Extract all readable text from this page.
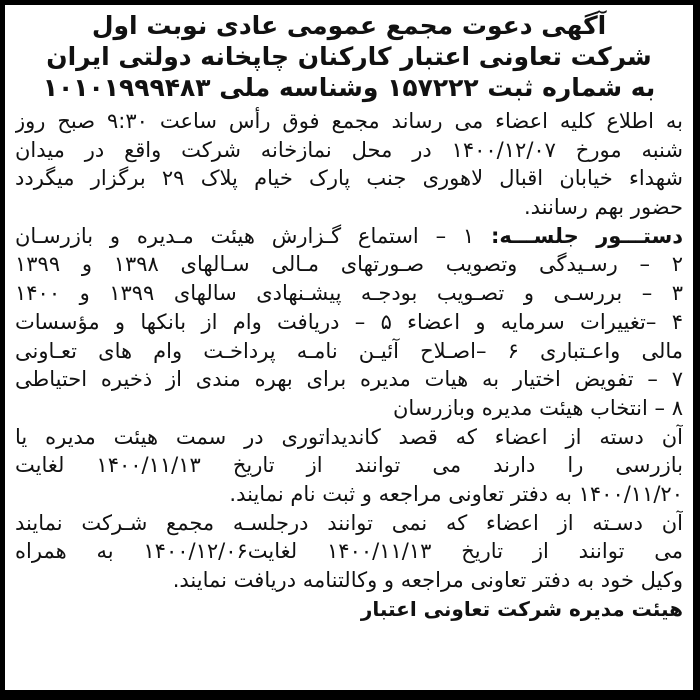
آگهی دعوت مجمع عمومی عادی نوبت اول
شرکت تعاونی اعتبار کارکنان چاپخانه دولتی ایران
به شماره ثبت ۱۵۷۲۲۲ وشناسه ملی ۱۰۱۰۱۹۹۹۴۸۳
به اطلاع کلیه اعضاء می رساند مجمع فوق رأس ساعت ۹:۳۰ صبح روز
شنبه مورخ ۱۴۰۰/۱۲/۰۷ در محل نمازخانه شرکت واقع در میدان
شهداء خیابان اقبال لاهوری جنب پارک خیام پلاک ۲۹ برگزار میگردد
حضور بهم رسانند.
دستـــور جلســـه: ۱ – استماع گـزارش هیئت مـدیره و بازرسـان
۲ – رسـیدگی وتصویب صـورتهای مـالی سـالهای ۱۳۹۸ و ۱۳۹۹
۳ – بررسـی و تصـویب بودجـه پیشـنهادی سالهای ۱۳۹۹ و ۱۴۰۰
۴ –تغییرات سرمایه و اعضاء ۵ – دریافت وام از بانکها و مؤسسات
مالی واعـتباری ۶ –اصـلاح آئیـن نامـه پرداخـت وام های تعـاونی
۷ – تفویض اختیار به هیات مدیره برای بهره مندی از ذخیره احتیاطی
۸ – انتخاب هیئت مدیره وبازرسان
آن دسته از اعضاء که قصد کاندیداتوری در سمت هیئت مدیره یا
بازرسی را دارند می توانند از تاریخ ۱۴۰۰/۱۱/۱۳ لغایت
۱۴۰۰/۱۱/۲۰ به دفتر تعاونی مراجعه و ثبت نام نمایند.
آن دسـته از اعضاء که نمی توانند درجلسـه مجمع شـرکت نمایند
می توانند از تاریخ ۱۴۰۰/۱۱/۱۳ لغایت۱۴۰۰/۱۲/۰۶ به همراه
وکیل خود به دفتر تعاونی مراجعه و وکالتنامه دریافت نمایند.
هیئت مدیره شرکت تعاونی اعتبار
